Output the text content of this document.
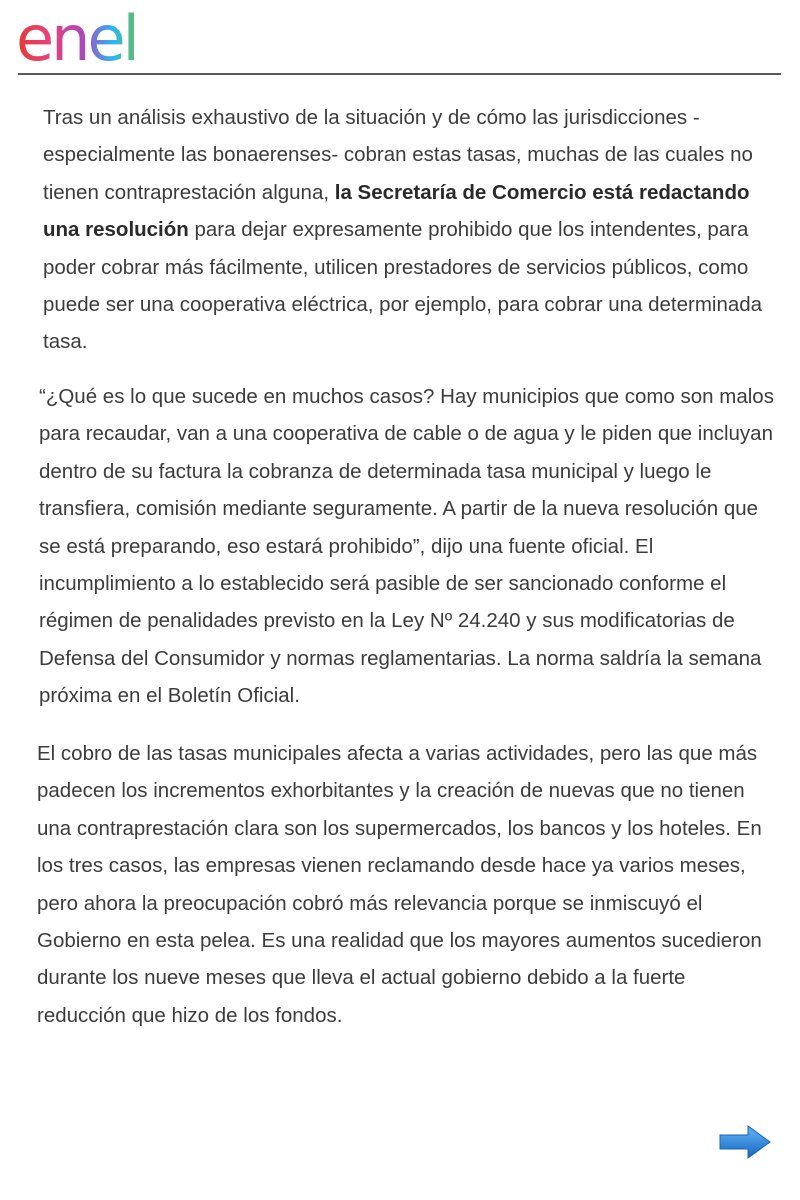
enel

Tras un análisis exhaustivo de la situación y de cómo las jurisdicciones - especialmente las bonaerenses- cobran estas tasas, muchas de las cuales no tienen contraprestación alguna, la Secretaría de Comercio está redactando una resolución para dejar expresamente prohibido que los intendentes, para poder cobrar más fácilmente, utilicen prestadores de servicios públicos, como puede ser una cooperativa eléctrica, por ejemplo, para cobrar una determinada tasa.

“¿Qué es lo que sucede en muchos casos? Hay municipios que como son malos para recaudar, van a una cooperativa de cable o de agua y le piden que incluyan dentro de su factura la cobranza de determinada tasa municipal y luego le transfiera, comisión mediante seguramente. A partir de la nueva resolución que se está preparando, eso estará prohibido”, dijo una fuente oficial. El incumplimiento a lo establecido será pasible de ser sancionado conforme el régimen de penalidades previsto en la Ley Nº 24.240 y sus modificatorias de Defensa del Consumidor y normas reglamentarias. La norma saldría la semana próxima en el Boletín Oficial.

El cobro de las tasas municipales afecta a varias actividades, pero las que más padecen los incrementos exhorbitantes y la creación de nuevas que no tienen una contraprestación clara son los supermercados, los bancos y los hoteles. En los tres casos, las empresas vienen reclamando desde hace ya varios meses, pero ahora la preocupación cobró más relevancia porque se inmiscuyó el Gobierno en esta pelea. Es una realidad que los mayores aumentos sucedieron durante los nueve meses que lleva el actual gobierno debido a la fuerte reducción que hizo de los fondos.
